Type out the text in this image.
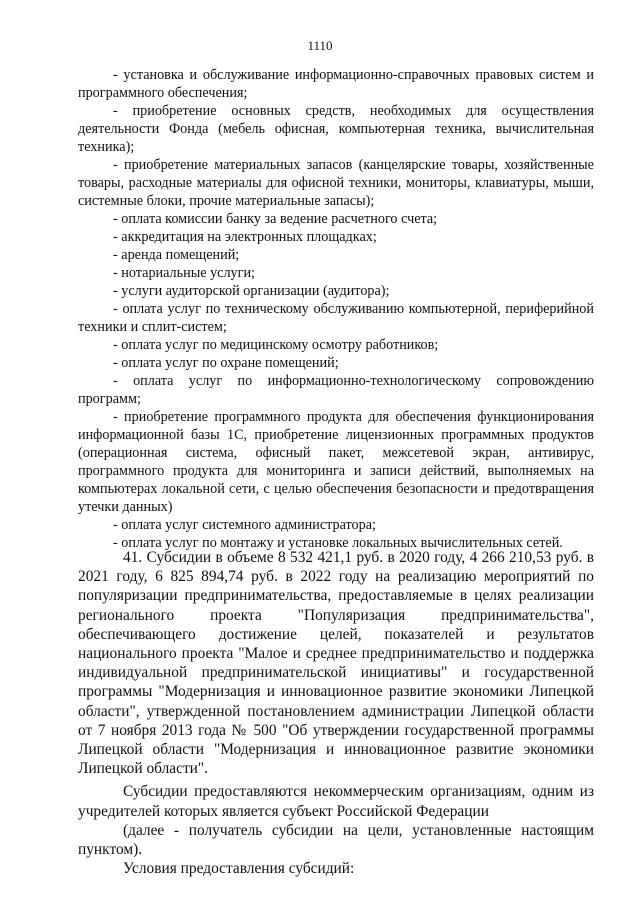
1110

- установка и обслуживание информационно-справочных правовых систем и программного обеспечения;

- приобретение основных средств, необходимых для осуществления деятельности Фонда (мебель офисная, компьютерная техника, вычислительная техника);

- приобретение материальных запасов (канцелярские товары, хозяйственные товары, расходные материалы для офисной техники, мониторы, клавиатуры, мыши, системные блоки, прочие материальные запасы);

- оплата комиссии банку за ведение расчетного счета;

- аккредитация на электронных площадках;

- аренда помещений;

- нотариальные услуги;

- услуги аудиторской организации (аудитора);

- оплата услуг по техническому обслуживанию компьютерной, периферийной техники и сплит-систем;

- оплата услуг по медицинскому осмотру работников;

- оплата услуг по охране помещений;

- оплата услуг по информационно-технологическому сопровождению программ;

- приобретение программного продукта для обеспечения функционирования информационной базы 1С, приобретение лицензионных программных продуктов (операционная система, офисный пакет, межсетевой экран, антивирус, программного продукта для мониторинга и записи действий, выполняемых на компьютерах локальной сети, с целью обеспечения безопасности и предотвращения утечки данных)

- оплата услуг системного администратора;

- оплата услуг по монтажу и установке локальных вычислительных сетей.

41. Субсидии в объеме 8 532 421,1 руб. в 2020 году, 4 266 210,53 руб. в 2021 году, 6 825 894,74 руб. в 2022 году на реализацию мероприятий по популяризации предпринимательства, предоставляемые в целях реализации регионального проекта "Популяризация предпринимательства", обеспечивающего достижение целей, показателей и результатов национального проекта "Малое и среднее предпринимательство и поддержка индивидуальной предпринимательской инициативы" и государственной программы "Модернизация и инновационное развитие экономики Липецкой области", утвержденной постановлением администрации Липецкой области от 7 ноября 2013 года № 500 "Об утверждении государственной программы Липецкой области "Модернизация и инновационное развитие экономики Липецкой области".

Субсидии предоставляются некоммерческим организациям, одним из учредителей которых является субъект Российской Федерации

(далее - получатель субсидии на цели, установленные настоящим пунктом).

Условия предоставления субсидий:
